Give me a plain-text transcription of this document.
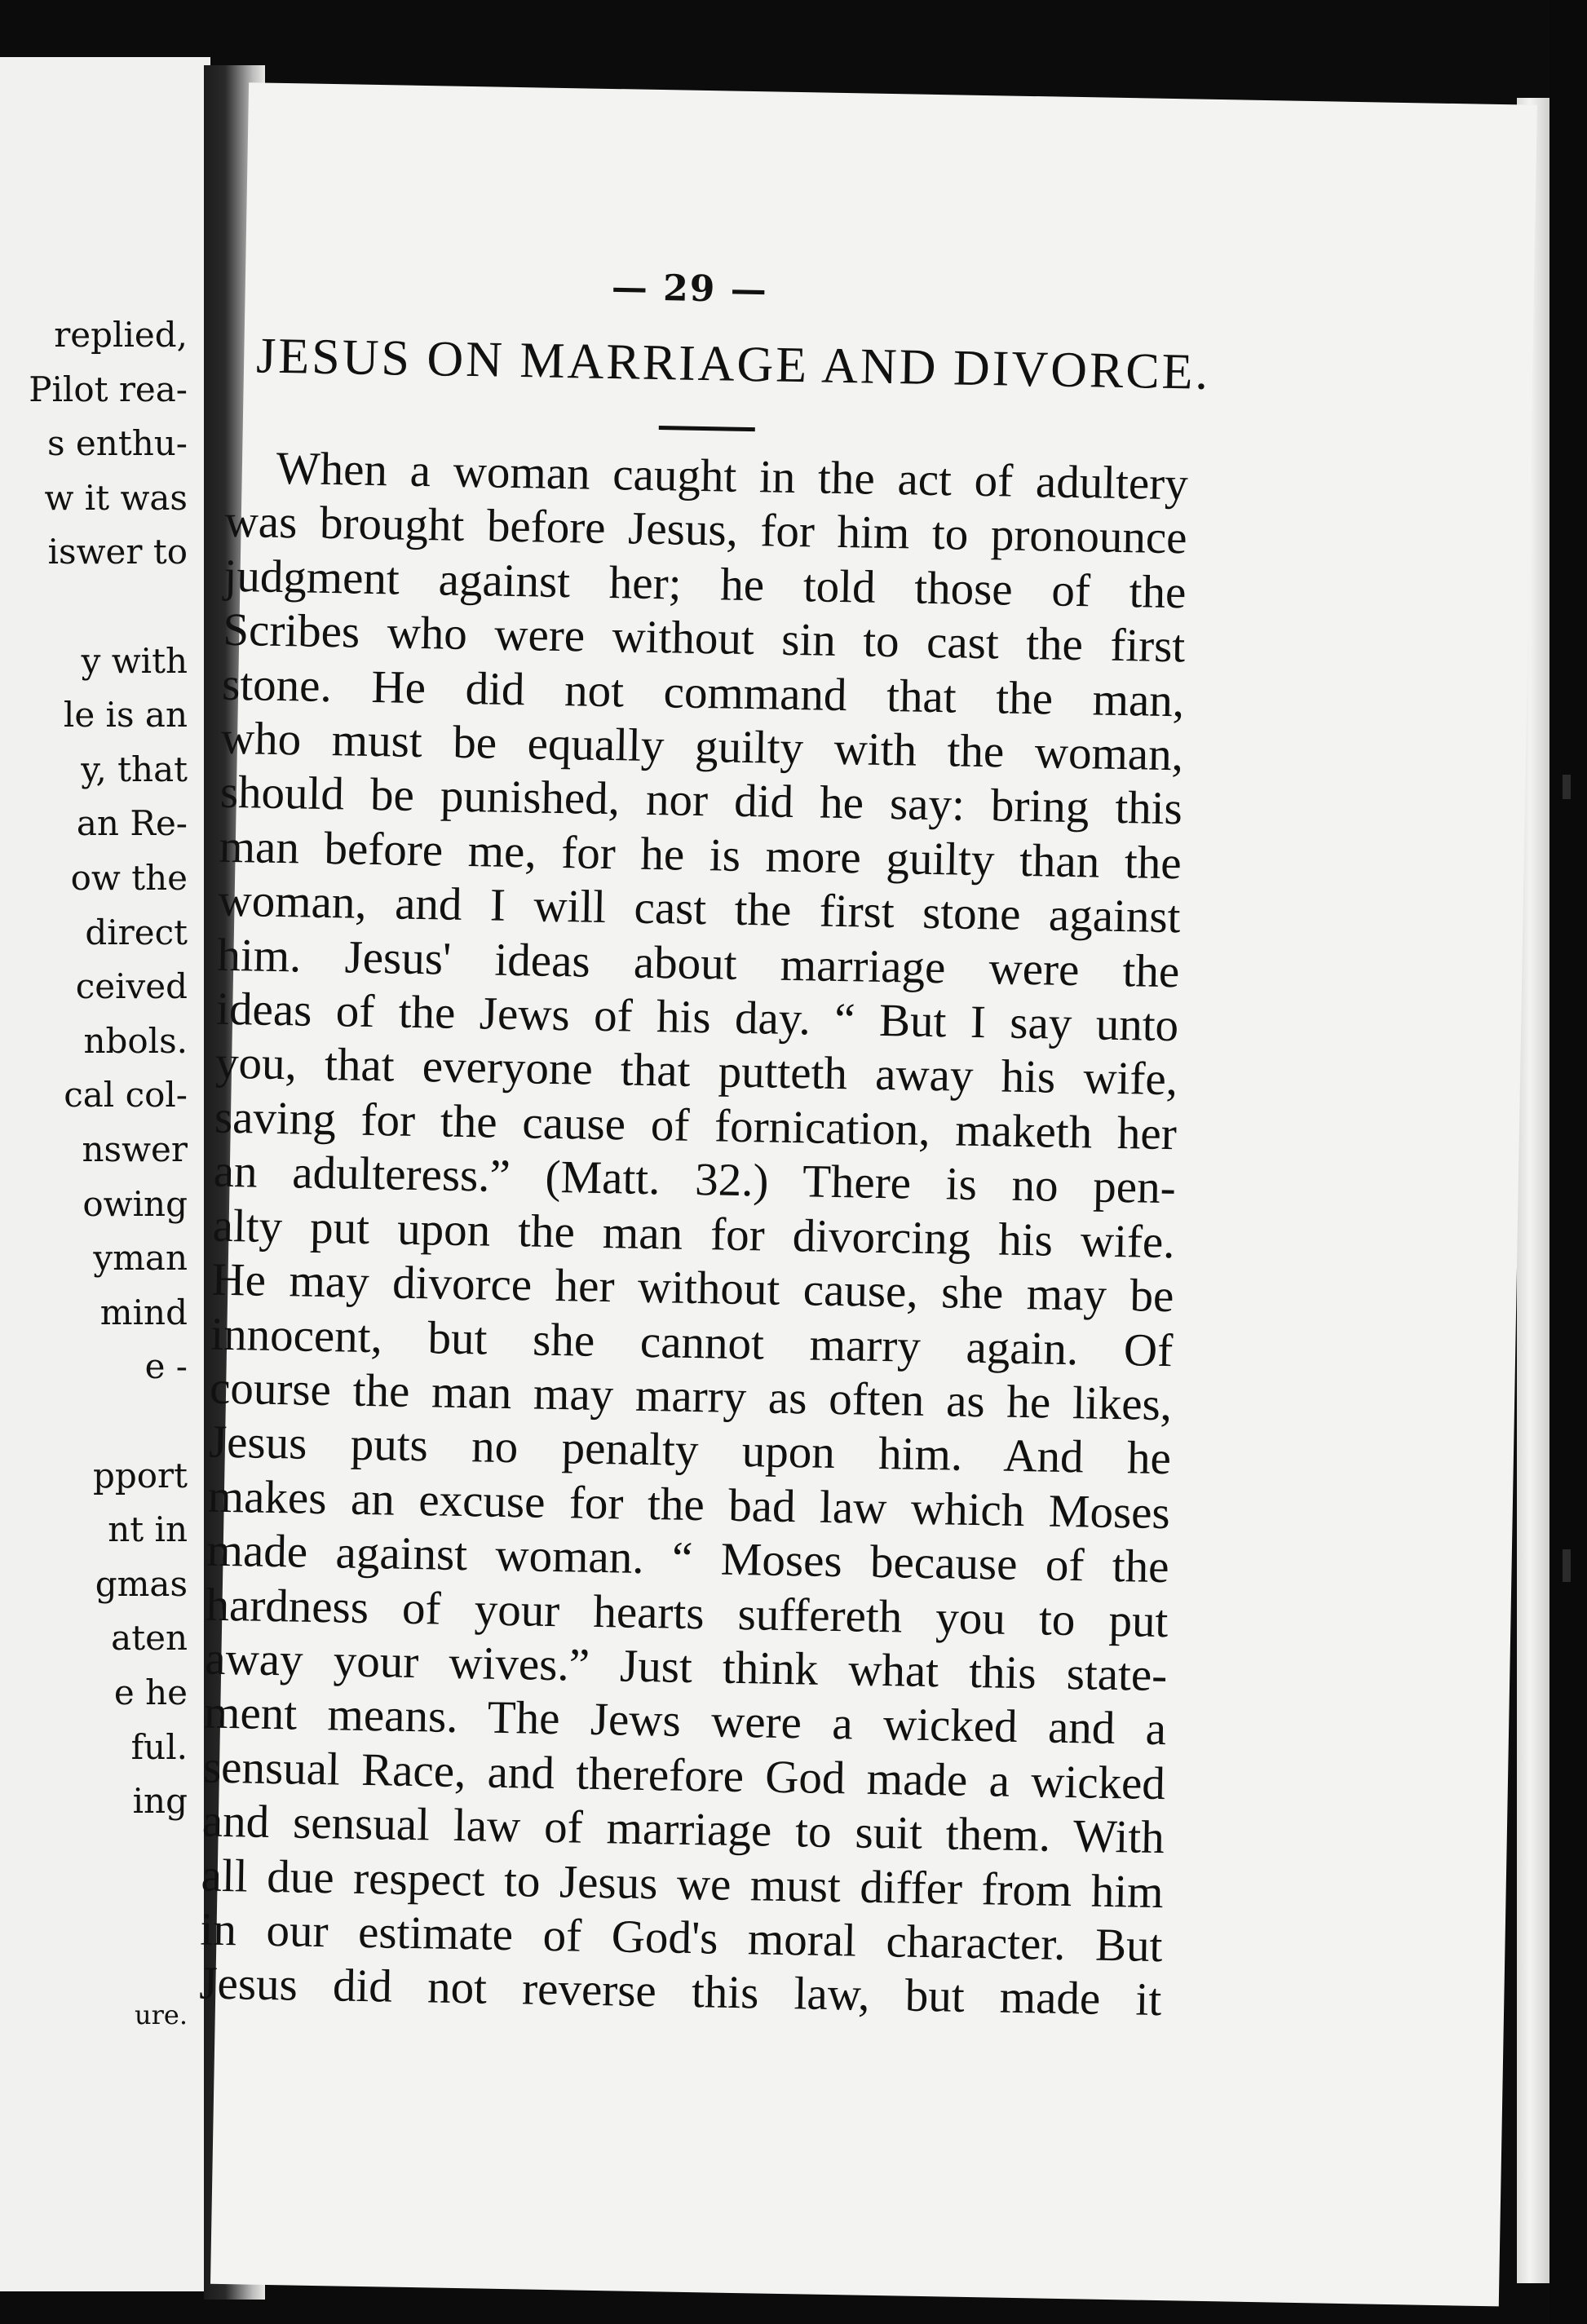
replied,
Pilot rea-
s enthu-
w it was
iswer to
y with
le is an
y, that
an Re-
ow the
direct
ceived
nbols.
cal col-
nswer
owing
yman
mind
e -
pport
nt in
gmas
aten
e he
ful.
ing
ure.
— 29 —
JESUS ON MARRIAGE AND DIVORCE.
When a woman caught in the act of adultery
was brought before Jesus, for him to pronounce
judgment against her; he told those of the
Scribes who were without sin to cast the first
stone. He did not command that the man,
who must be equally guilty with the woman,
should be punished, nor did he say: bring this
man before me, for he is more guilty than the
woman, and I will cast the first stone against
him. Jesus' ideas about marriage were the
ideas of the Jews of his day. “ But I say unto
you, that everyone that putteth away his wife,
saving for the cause of fornication, maketh her
an adulteress.” (Matt. 32.) There is no pen-
alty put upon the man for divorcing his wife.
He may divorce her without cause, she may be
innocent, but she cannot marry again. Of
course the man may marry as often as he likes,
Jesus puts no penalty upon him. And he
makes an excuse for the bad law which Moses
made against woman. “ Moses because of the
hardness of your hearts suffereth you to put
away your wives.” Just think what this state-
ment means. The Jews were a wicked and a
sensual Race, and therefore God made a wicked
and sensual law of marriage to suit them. With
all due respect to Jesus we must differ from him
in our estimate of God's moral character. But
Jesus did not reverse this law, but made it
